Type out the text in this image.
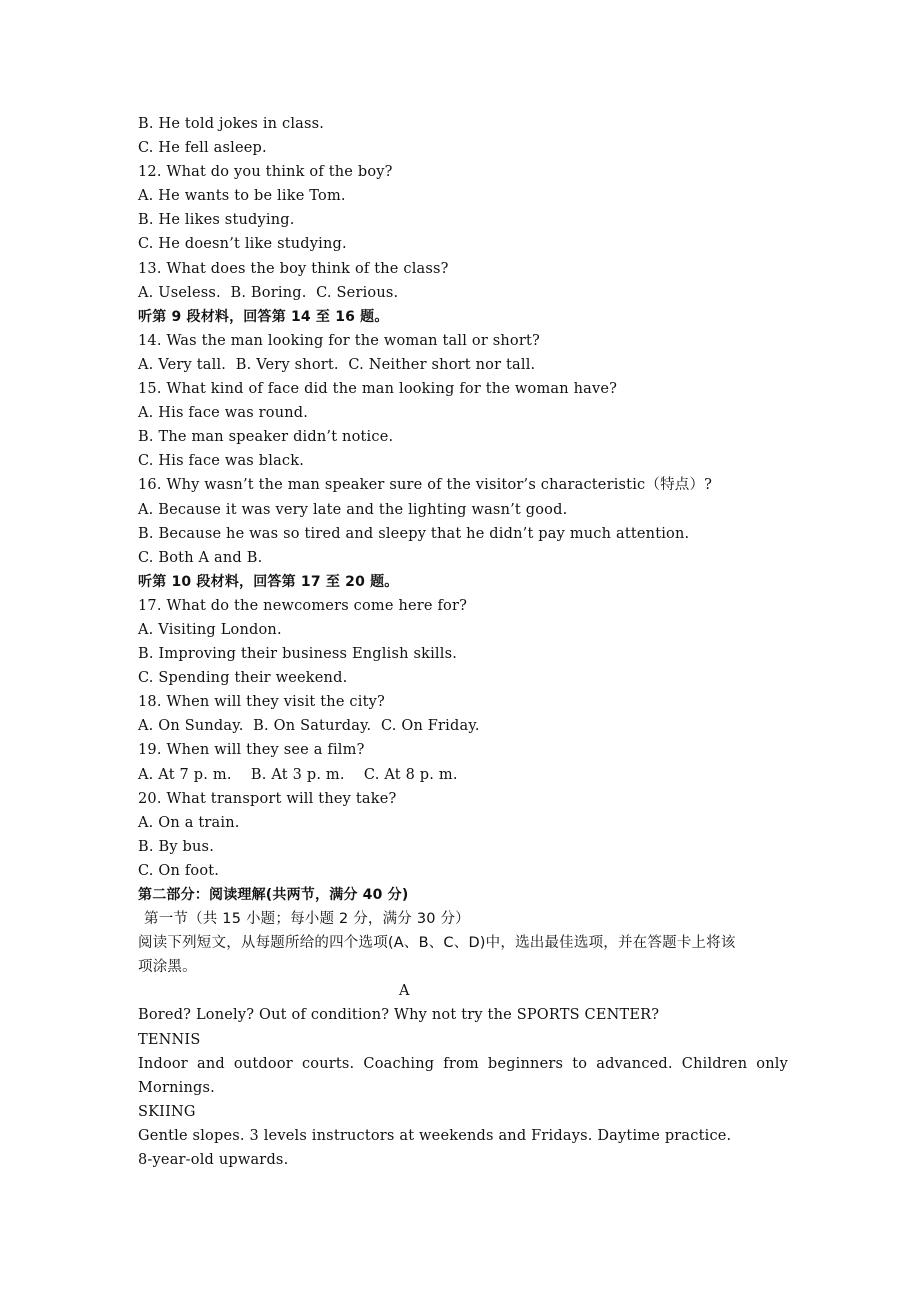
B. He told jokes in class.
C. He fell asleep.
12. What do you think of the boy?
A. He wants to be like Tom.
B. He likes studying.
C. He doesn’t like studying.
13. What does the boy think of the class?
A. Useless.  B. Boring.  C. Serious.
听第 9 段材料，回答第 14 至 16 题。
14. Was the man looking for the woman tall or short?
A. Very tall.  B. Very short.  C. Neither short nor tall.
15. What kind of face did the man looking for the woman have?
A. His face was round.
B. The man speaker didn’t notice.
C. His face was black.
16. Why wasn’t the man speaker sure of the visitor’s characteristic（特点）?
A. Because it was very late and the lighting wasn’t good.
B. Because he was so tired and sleepy that he didn’t pay much attention.
C. Both A and B.
听第 10 段材料，回答第 17 至 20 题。
17. What do the newcomers come here for?
A. Visiting London.
B. Improving their business English skills.
C. Spending their weekend.
18. When will they visit the city?
A. On Sunday.  B. On Saturday.  C. On Friday.
19. When will they see a film?
A. At 7 p. m.    B. At 3 p. m.    C. At 8 p. m.
20. What transport will they take?
A. On a train.
B. By bus.
C. On foot.
第二部分：阅读理解(共两节，满分 40 分)
第一节（共 15 小题；每小题 2 分，满分 30 分）
阅读下列短文，从每题所给的四个选项(A、B、C、D)中，选出最佳选项，并在答题卡上将该
项涂黑。
A
Bored? Lonely? Out of condition? Why not try the SPORTS CENTER?
TENNIS
Indoor and outdoor courts. Coaching from beginners to advanced. Children only
Mornings.
SKIING
Gentle slopes. 3 levels instructors at weekends and Fridays. Daytime practice.
8-year-old upwards.
